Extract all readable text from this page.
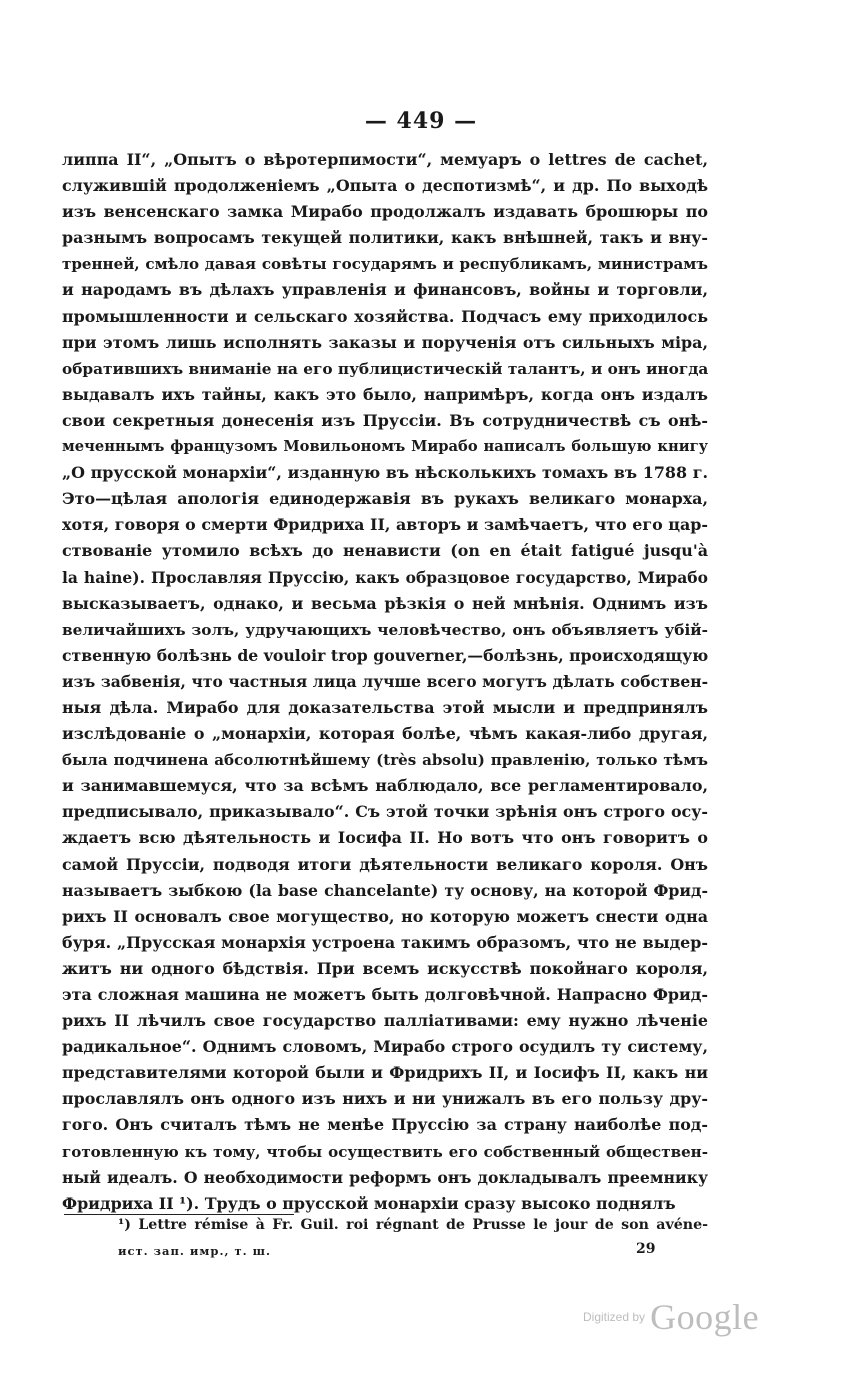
— 449 —
липпа II“, „Опытъ о вѣротерпимости“, мемуаръ о lettres de cachet,
служившій продолженіемъ „Опыта о деспотизмѣ“, и др. По выходѣ
изъ венсенскаго замка Мирабо продолжалъ издавать брошюры по
разнымъ вопросамъ текущей политики, какъ внѣшней, такъ и вну-
тренней, смѣло давая совѣты государямъ и республикамъ, министрамъ
и народамъ въ дѣлахъ управленія и финансовъ, войны и торговли,
промышленности и сельскаго хозяйства. Подчасъ ему приходилось
при этомъ лишь исполнять заказы и порученія отъ сильныхъ міра,
обратившихъ вниманіе на его публицистическій талантъ, и онъ иногда
выдавалъ ихъ тайны, какъ это было, напримѣръ, когда онъ издалъ
свои секретныя донесенія изъ Пруссіи. Въ сотрудничествѣ съ онѣ-
меченнымъ французомъ Мовильономъ Мирабо написалъ большую книгу
„О прусской монархіи“, изданную въ нѣсколькихъ томахъ въ 1788 г.
Это—цѣлая апологія единодержавія въ рукахъ великаго монарха,
хотя, говоря о смерти Фридриха II, авторъ и замѣчаетъ, что его цар-
ствованіе утомило всѣхъ до ненависти (on en était fatigué jusqu'à
la haine). Прославляя Пруссію, какъ образцовое государство, Мирабо
высказываетъ, однако, и весьма рѣзкія о ней мнѣнія. Однимъ изъ
величайшихъ золъ, удручающихъ человѣчество, онъ объявляетъ убій-
ственную болѣзнь de vouloir trop gouverner,—болѣзнь, происходящую
изъ забвенія, что частныя лица лучше всего могутъ дѣлать собствен-
ныя дѣла. Мирабо для доказательства этой мысли и предпринялъ
изслѣдованіе о „монархіи, которая болѣе, чѣмъ какая-либо другая,
была подчинена абсолютнѣйшему (très absolu) правленію, только тѣмъ
и занимавшемуся, что за всѣмъ наблюдало, все регламентировало,
предписывало, приказывало“. Съ этой точки зрѣнія онъ строго осу-
ждаетъ всю дѣятельность и Іосифа II. Но вотъ что онъ говоритъ о
самой Пруссіи, подводя итоги дѣятельности великаго короля. Онъ
называетъ зыбкою (la base chancelante) ту основу, на которой Фрид-
рихъ II основалъ свое могущество, но которую можетъ снести одна
буря. „Прусская монархія устроена такимъ образомъ, что не выдер-
житъ ни одного бѣдствія. При всемъ искусствѣ покойнаго короля,
эта сложная машина не можетъ быть долговѣчной. Напрасно Фрид-
рихъ II лѣчилъ свое государство палліативами: ему нужно лѣченіе
радикальное“. Однимъ словомъ, Мирабо строго осудилъ ту систему,
представителями которой были и Фридрихъ II, и Іосифъ II, какъ ни
прославлялъ онъ одного изъ нихъ и ни унижалъ въ его пользу дру-
гого. Онъ считалъ тѣмъ не менѣе Пруссію за страну наиболѣе под-
готовленную къ тому, чтобы осуществить его собственный обществен-
ный идеалъ. О необходимости реформъ онъ докладывалъ преемнику
Фридриха II ¹). Трудъ о прусской монархіи сразу высоко поднялъ
¹) Lettre rémise à Fr. Guil. roi régnant de Prusse le jour de son avéne-
ист. зап. имр., т. ш.	29
Digitized by Google
